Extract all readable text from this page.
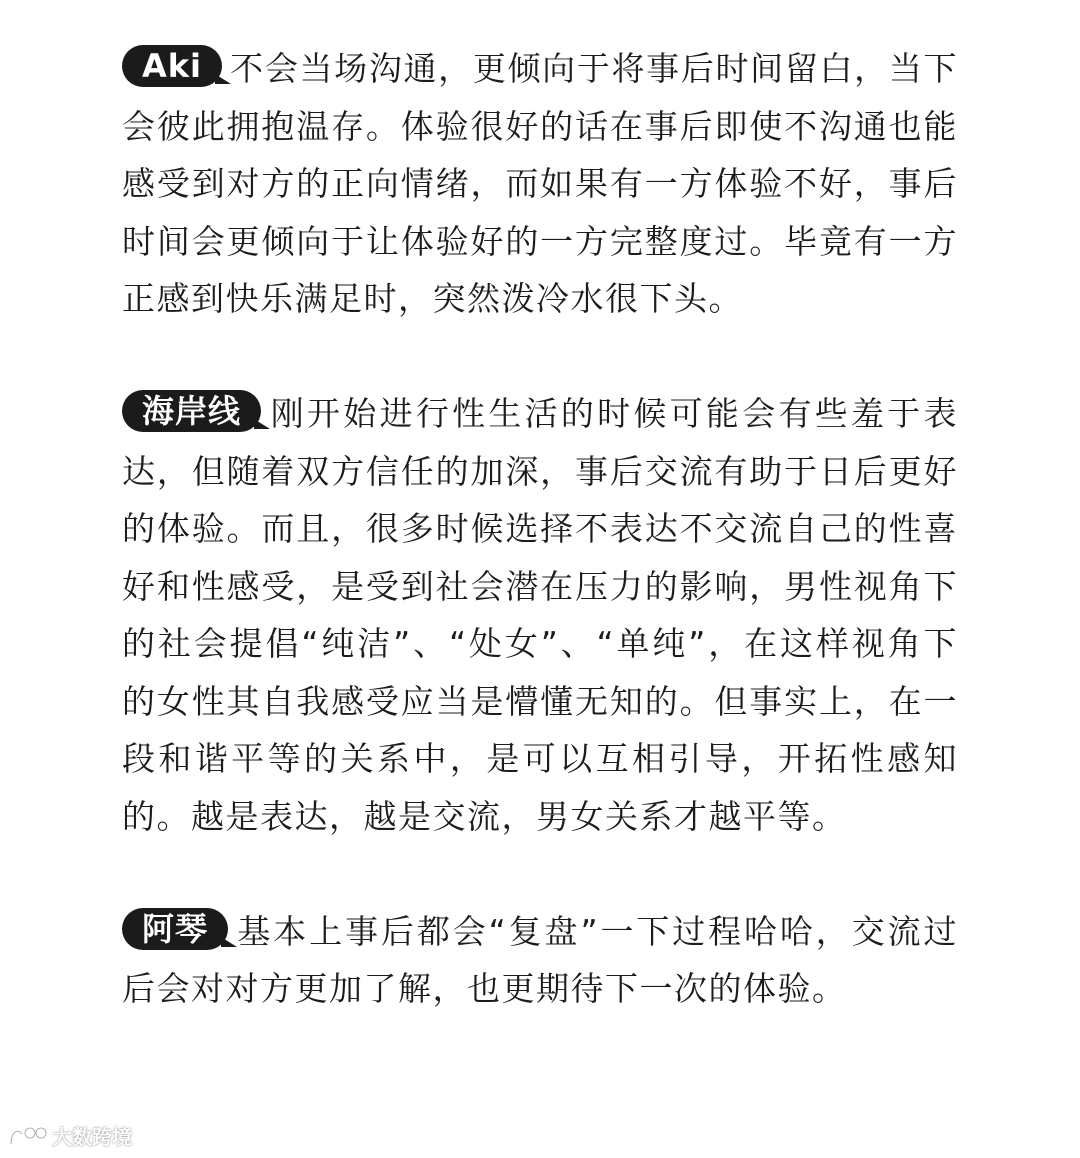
Aki 不会当场沟通，更倾向于将事后时间留白，当下会彼此拥抱温存。体验很好的话在事后即使不沟通也能感受到对方的正向情绪，而如果有一方体验不好，事后时间会更倾向于让体验好的一方完整度过。毕竟有一方正感到快乐满足时，突然泼冷水很下头。

海岸线 刚开始进行性生活的时候可能会有些羞于表达，但随着双方信任的加深，事后交流有助于日后更好的体验。而且，很多时候选择不表达不交流自己的性喜好和性感受，是受到社会潜在压力的影响，男性视角下的社会提倡“纯洁”、“处女”、“单纯”，在这样视角下的女性其自我感受应当是懵懂无知的。但事实上，在一段和谐平等的关系中，是可以互相引导，开拓性感知的。越是表达，越是交流，男女关系才越平等。

阿琴 基本上事后都会“复盘”一下过程哈哈，交流过后会对对方更加了解，也更期待下一次的体验。

大数跨境
